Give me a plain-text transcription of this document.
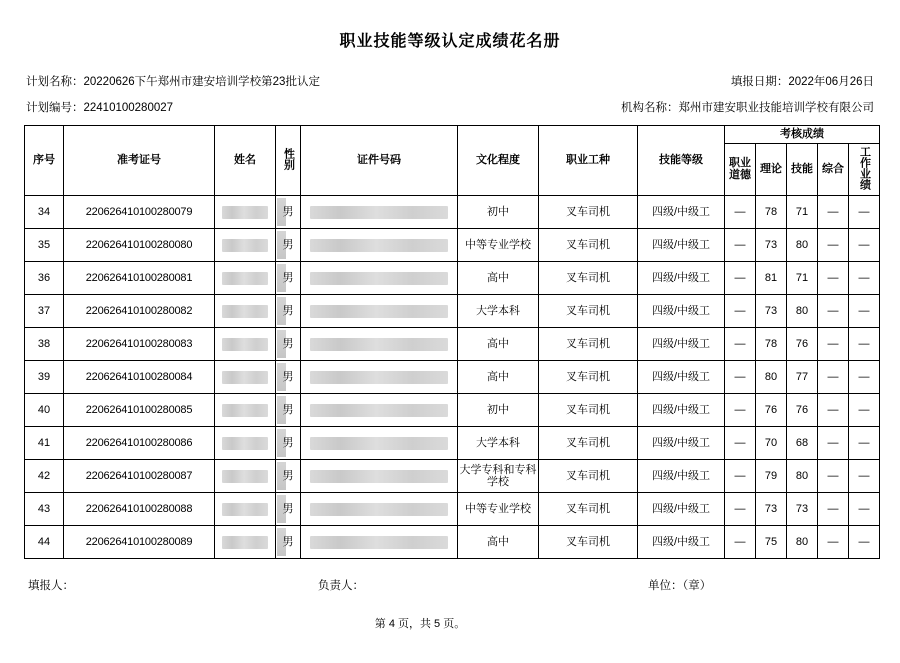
职业技能等级认定成绩花名册
计划名称：20220626下午郑州市建安培训学校第23批认定	填报日期：2022年06月26日
计划编号：22410100280027	机构名称：郑州市建安职业技能培训学校有限公司
序号	准考证号	姓名	性别	证件号码	文化程度	职业工种	技能等级	考核成绩				
								职业道德	理论	技能	综合	工作业绩
34	220626410100280079		男		初中	叉车司机	四级/中级工	—	78	71	—	—
35	220626410100280080		男		中等专业学校	叉车司机	四级/中级工	—	73	80	—	—
36	220626410100280081		男		高中	叉车司机	四级/中级工	—	81	71	—	—
37	220626410100280082		男		大学本科	叉车司机	四级/中级工	—	73	80	—	—
38	220626410100280083		男		高中	叉车司机	四级/中级工	—	78	76	—	—
39	220626410100280084		男		高中	叉车司机	四级/中级工	—	80	77	—	—
40	220626410100280085		男		初中	叉车司机	四级/中级工	—	76	76	—	—
41	220626410100280086		男		大学本科	叉车司机	四级/中级工	—	70	68	—	—
42	220626410100280087		男		大学专科和专科学校	叉车司机	四级/中级工	—	79	80	—	—
43	220626410100280088		男		中等专业学校	叉车司机	四级/中级工	—	73	73	—	—
44	220626410100280089		男		高中	叉车司机	四级/中级工	—	75	80	—	—
填报人：	负责人：	单位：（章）
第 4 页，共 5 页。
